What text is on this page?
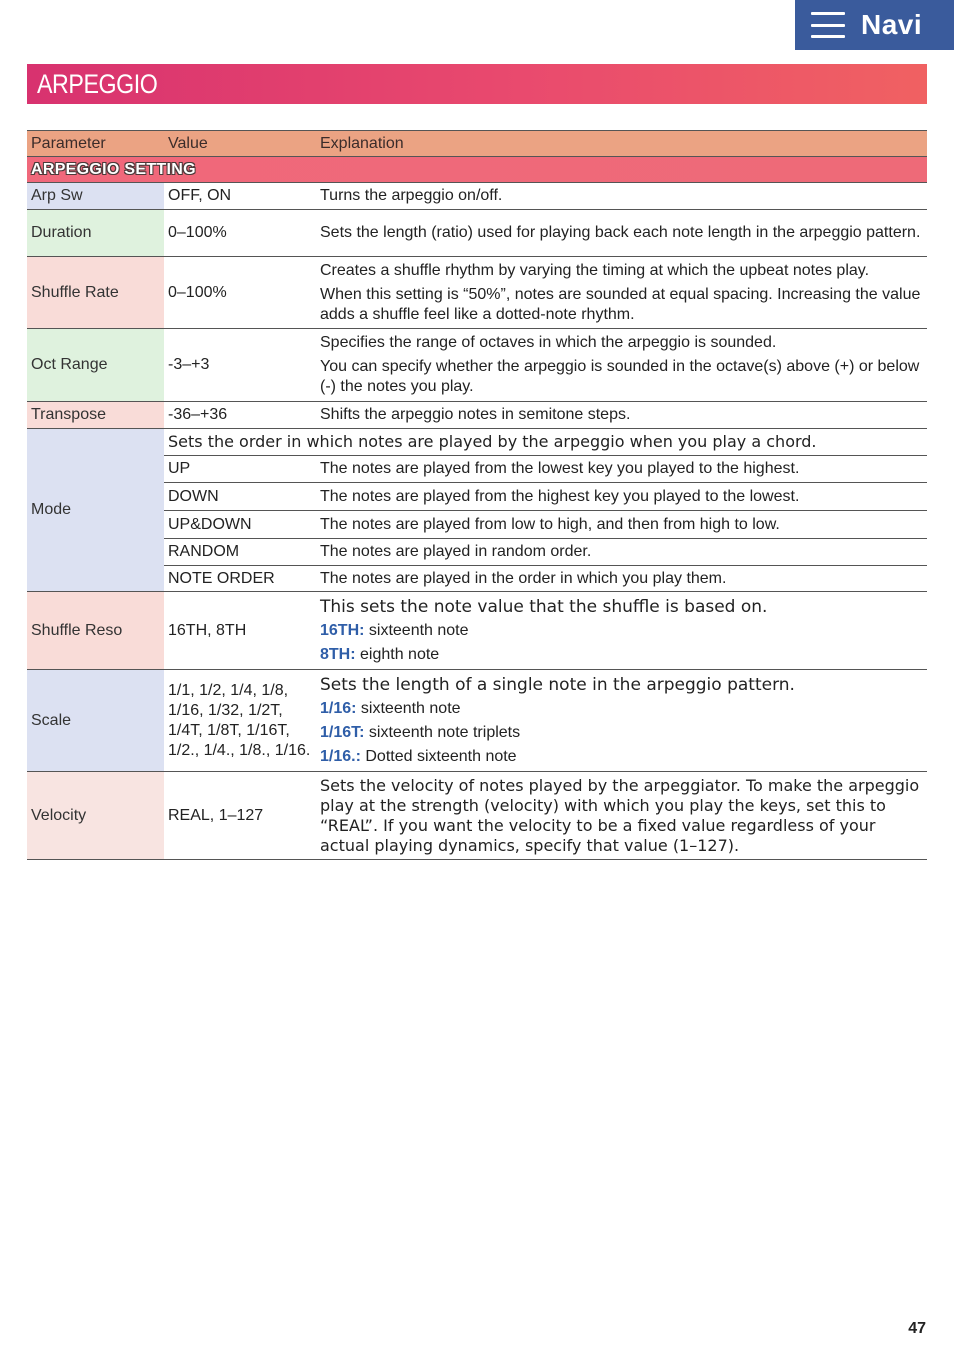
Navi
ARPEGGIO
Parameter	Value	Explanation
ARPEGGIO SETTING		
Arp Sw	OFF, ON	Turns the arpeggio on/off.
Duration	0–100%	Sets the length (ratio) used for playing back each note length in the arpeggio pattern.
Shuffle Rate	0–100%	Creates a shuffle rhythm by varying the timing at which the upbeat notes play.

When this setting is “50%”, notes are sounded at equal spacing. Increasing the value adds a shuffle feel like a dotted-note rhythm.

Oct Range	-3–+3	Specifies the range of octaves in which the arpeggio is sounded.

You can specify whether the arpeggio is sounded in the octave(s) above (+) or below (-) the notes you play.

Transpose	-36–+36	Shifts the arpeggio notes in semitone steps.
Mode	Sets the order in which notes are played by the arpeggio when you play a chord.	
	UP	The notes are played from the lowest key you played to the highest.
	DOWN	The notes are played from the highest key you played to the lowest.
	UP&DOWN	The notes are played from low to high, and then from high to low.
	RANDOM	The notes are played in random order.
	NOTE ORDER	The notes are played in the order in which you play them.
Shuffle Reso	16TH, 8TH	This sets the note value that the shuffle is based on.

16TH: sixteenth note

8TH: eighth note

Scale	1/1, 1/2, 1/4, 1/8, 1/16, 1/32, 1/2T, 1/4T, 1/8T, 1/16T, 1/2., 1/4., 1/8., 1/16.	Sets the length of a single note in the arpeggio pattern.

1/16: sixteenth note

1/16T: sixteenth note triplets

1/16.: Dotted sixteenth note

Velocity	REAL, 1–127	Sets the velocity of notes played by the arpeggiator. To make the arpeggio play at the strength (velocity) with which you play the keys, set this to “REAL”. If you want the velocity to be a fixed value regardless of your actual playing dynamics, specify that value (1–127).
47
